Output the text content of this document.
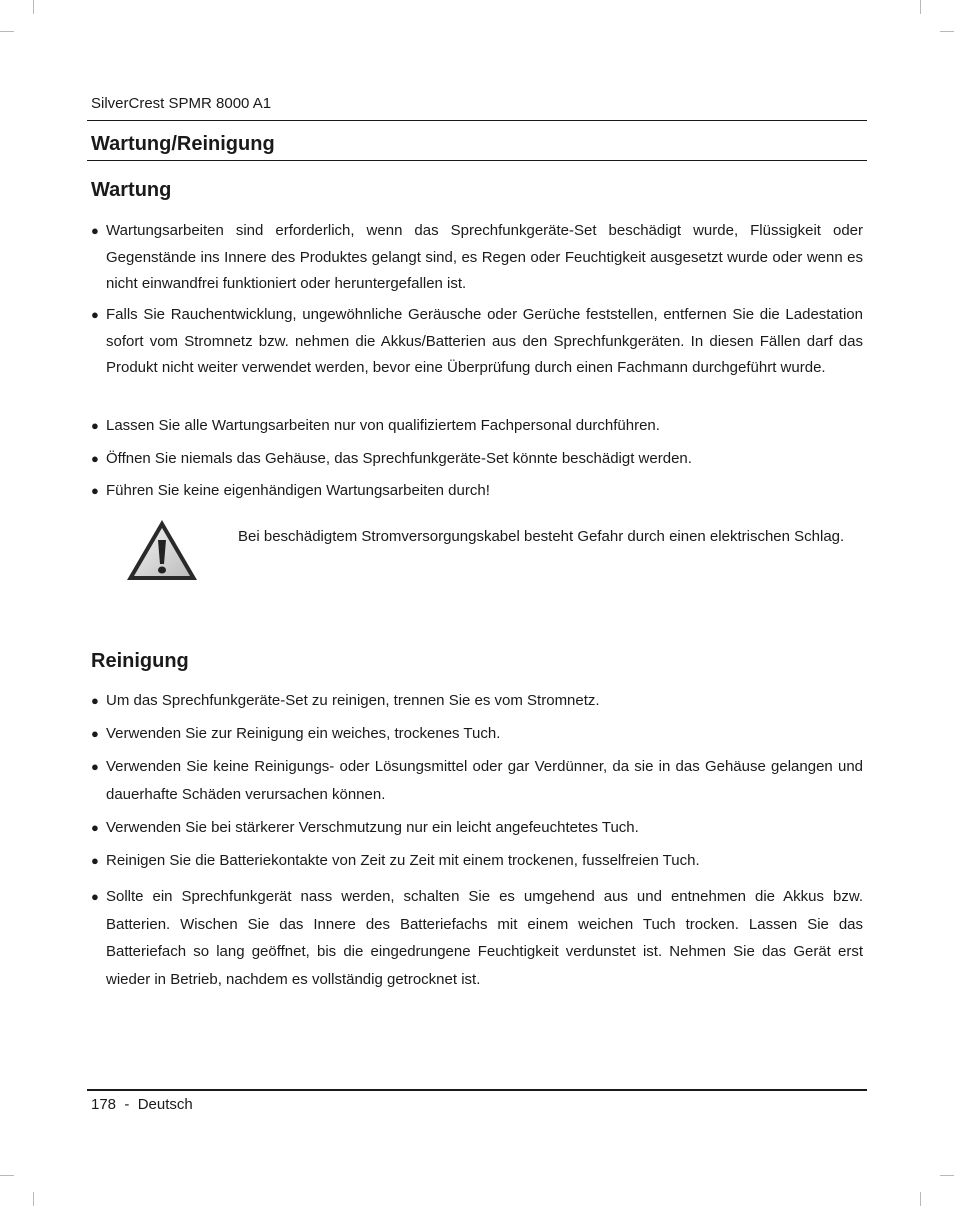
SilverCrest SPMR 8000 A1
Wartung/Reinigung
Wartung
● Wartungsarbeiten sind erforderlich, wenn das Sprechfunkgeräte-Set beschädigt wurde, Flüssigkeit oder Gegenstände ins Innere des Produktes gelangt sind, es Regen oder Feuchtigkeit ausgesetzt wurde oder wenn es nicht einwandfrei funktioniert oder heruntergefallen ist.
● Falls Sie Rauchentwicklung, ungewöhnliche Geräusche oder Gerüche feststellen, entfernen Sie die Ladestation sofort vom Stromnetz bzw. nehmen die Akkus/Batterien aus den Sprechfunkgeräten. In diesen Fällen darf das Produkt nicht weiter verwendet werden, bevor eine Überprüfung durch einen Fachmann durchgeführt wurde.
● Lassen Sie alle Wartungsarbeiten nur von qualifiziertem Fachpersonal durchführen.
● Öffnen Sie niemals das Gehäuse, das Sprechfunkgeräte-Set könnte beschädigt werden.
● Führen Sie keine eigenhändigen Wartungsarbeiten durch!
Bei beschädigtem Stromversorgungskabel besteht Gefahr durch einen elektrischen Schlag.
Reinigung
● Um das Sprechfunkgeräte-Set zu reinigen, trennen Sie es vom Stromnetz.
● Verwenden Sie zur Reinigung ein weiches, trockenes Tuch.
● Verwenden Sie keine Reinigungs- oder Lösungsmittel oder gar Verdünner, da sie in das Gehäuse gelangen und dauerhafte Schäden verursachen können.
● Verwenden Sie bei stärkerer Verschmutzung nur ein leicht angefeuchtetes Tuch.
● Reinigen Sie die Batteriekontakte von Zeit zu Zeit mit einem trockenen, fusselfreien Tuch.
● Sollte ein Sprechfunkgerät nass werden, schalten Sie es umgehend aus und entnehmen die Akkus bzw. Batterien. Wischen Sie das Innere des Batteriefachs mit einem weichen Tuch trocken. Lassen Sie das Batteriefach so lang geöffnet, bis die eingedrungene Feuchtigkeit verdunstet ist. Nehmen Sie das Gerät erst wieder in Betrieb, nachdem es vollständig getrocknet ist.
178  -  Deutsch
